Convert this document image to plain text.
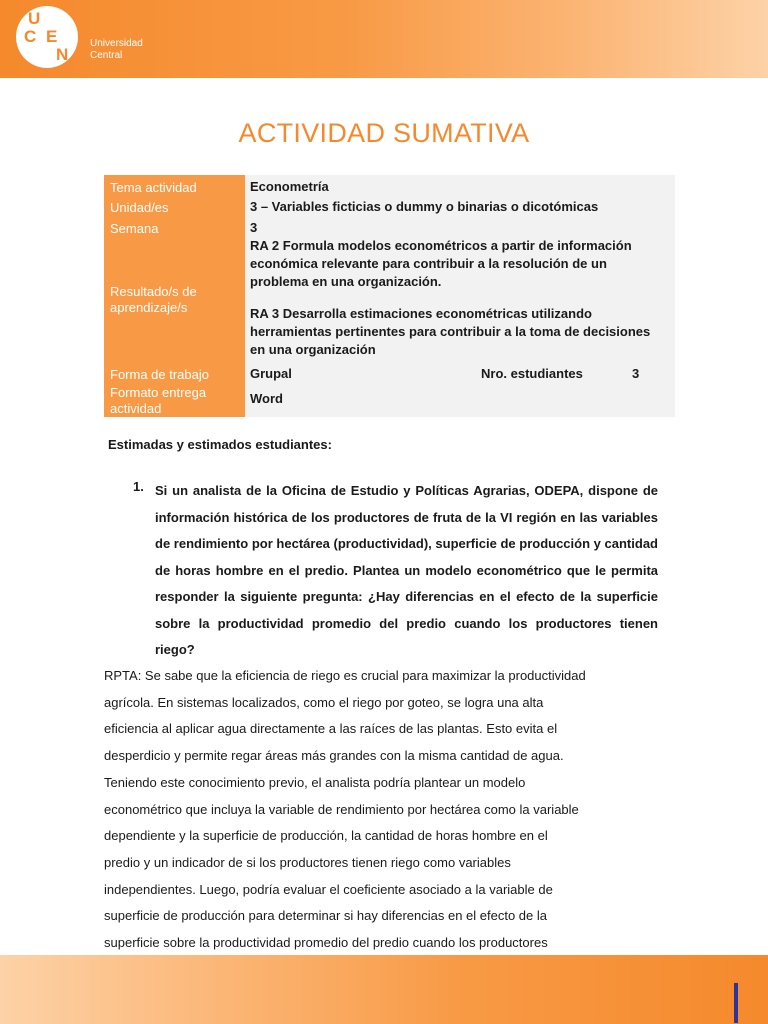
U
C E
N
Universidad
Central
ACTIVIDAD SUMATIVA
Tema actividad
Unidad/es
Semana
Resultado/s de aprendizaje/s
Forma de trabajo
Formato entrega actividad
Econometría
3 – Variables ficticias o dummy o binarias o dicotómicas
3
RA 2 Formula modelos econométricos a partir de información económica relevante para contribuir a la resolución de un problema en una organización.
RA 3 Desarrolla estimaciones econométricas utilizando herramientas pertinentes para contribuir a la toma de decisiones en una organización
Grupal	Nro. estudiantes	3
Word
Estimadas y estimados estudiantes:
1. Si un analista de la Oficina de Estudio y Políticas Agrarias, ODEPA, dispone de información histórica de los productores de fruta de la VI región en las variables de rendimiento por hectárea (productividad), superficie de producción y cantidad de horas hombre en el predio. Plantea un modelo econométrico que le permita responder la siguiente pregunta: ¿Hay diferencias en el efecto de la superficie sobre la productividad promedio del predio cuando los productores tienen riego?
RPTA: Se sabe que la eficiencia de riego es crucial para maximizar la productividad
agrícola. En sistemas localizados, como el riego por goteo, se logra una alta
eficiencia al aplicar agua directamente a las raíces de las plantas. Esto evita el
desperdicio y permite regar áreas más grandes con la misma cantidad de agua.
Teniendo este conocimiento previo, el analista podría plantear un modelo
econométrico que incluya la variable de rendimiento por hectárea como la variable
dependiente y la superficie de producción, la cantidad de horas hombre en el
predio y un indicador de si los productores tienen riego como variables
independientes. Luego, podría evaluar el coeficiente asociado a la variable de
superficie de producción para determinar si hay diferencias en el efecto de la
superficie sobre la productividad promedio del predio cuando los productores
